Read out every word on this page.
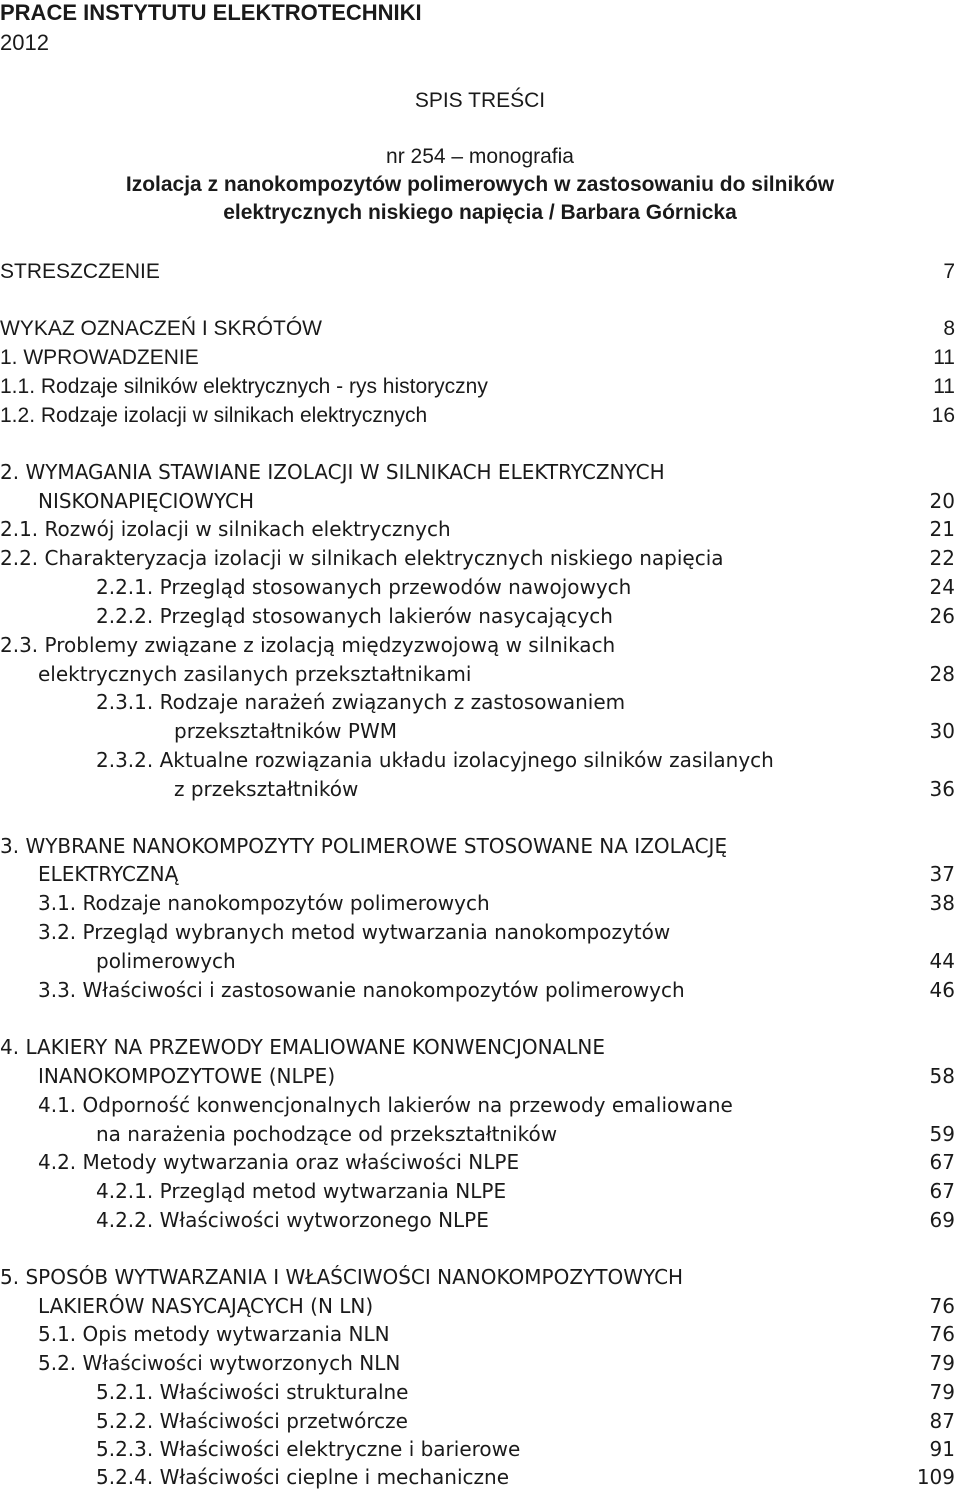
PRACE INSTYTUTU ELEKTROTECHNIKI
2012
SPIS TREŚCI
nr 254 – monografia
Izolacja z nanokompozytów polimerowych w zastosowaniu do silników
elektrycznych niskiego napięcia / Barbara Górnicka
STRESZCZENIE	7
WYKAZ OZNACZEŃ I SKRÓTÓW	8
1. WPROWADZENIE	11
1.1. Rodzaje silników elektrycznych - rys historyczny	11
1.2. Rodzaje izolacji w silnikach elektrycznych	16
2. WYMAGANIA STAWIANE IZOLACJI W SILNIKACH ELEKTRYCZNYCH
NISKONAPIĘCIOWYCH	20
2.1. Rozwój izolacji w silnikach elektrycznych	21
2.2. Charakteryzacja izolacji w silnikach elektrycznych niskiego napięcia	22
2.2.1. Przegląd stosowanych przewodów nawojowych	24
2.2.2. Przegląd stosowanych lakierów nasycających	26
2.3. Problemy związane z izolacją międzyzwojową w silnikach
elektrycznych zasilanych przekształtnikami	28
2.3.1. Rodzaje narażeń związanych z zastosowaniem
przekształtników PWM	30
2.3.2. Aktualne rozwiązania układu izolacyjnego silników zasilanych
z przekształtników	36
3. WYBRANE NANOKOMPOZYTY POLIMEROWE STOSOWANE NA IZOLACJĘ
ELEKTRYCZNĄ	37
3.1. Rodzaje nanokompozytów polimerowych	38
3.2. Przegląd wybranych metod wytwarzania nanokompozytów
polimerowych	44
3.3. Właściwości i zastosowanie nanokompozytów polimerowych	46
4. LAKIERY NA PRZEWODY EMALIOWANE KONWENCJONALNE
INANOKOMPOZYTOWE (NLPE)	58
4.1. Odporność konwencjonalnych lakierów na przewody emaliowane
na narażenia pochodzące od przekształtników	59
4.2. Metody wytwarzania oraz właściwości NLPE	67
4.2.1. Przegląd metod wytwarzania NLPE	67
4.2.2. Właściwości wytworzonego NLPE	69
5. SPOSÓB WYTWARZANIA I WŁAŚCIWOŚCI NANOKOMPOZYTOWYCH
LAKIERÓW NASYCAJĄCYCH (N LN)	76
5.1. Opis metody wytwarzania NLN	76
5.2. Właściwości wytworzonych NLN	79
5.2.1. Właściwości strukturalne	79
5.2.2. Właściwości przetwórcze	87
5.2.3. Właściwości elektryczne i barierowe	91
5.2.4. Właściwości cieplne i mechaniczne	109
